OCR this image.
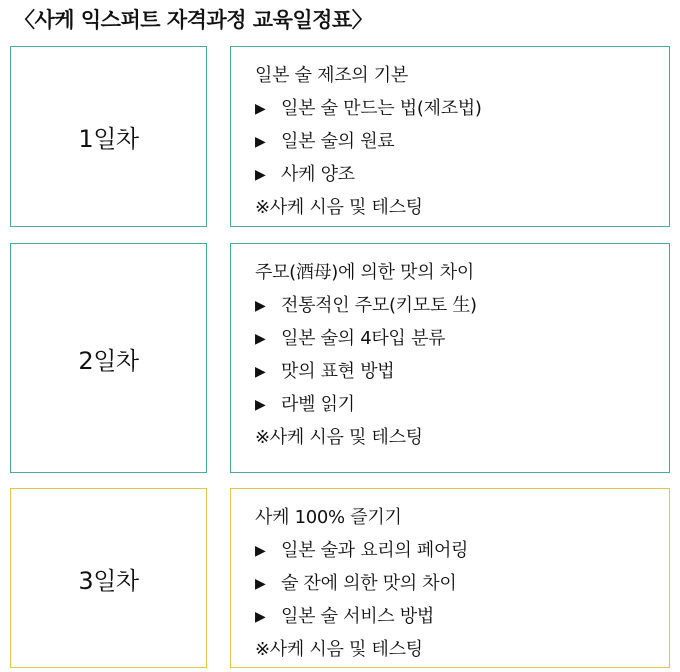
〈사케 익스퍼트 자격과정 교육일정표〉
1일차
일본 술 제조의 기본
▶ 일본 술 만드는 법(제조법)
▶ 일본 술의 원료
▶ 사케 양조
※사케 시음 및 테스팅
2일차
주모(酒母)에 의한 맛의 차이
▶ 전통적인 주모(키모토 生)
▶ 일본 술의 4타입 분류
▶ 맛의 표현 방법
▶ 라벨 읽기
※사케 시음 및 테스팅
3일차
사케 100% 즐기기
▶ 일본 술과 요리의 페어링
▶ 술 잔에 의한 맛의 차이
▶ 일본 술 서비스 방법
※사케 시음 및 테스팅
